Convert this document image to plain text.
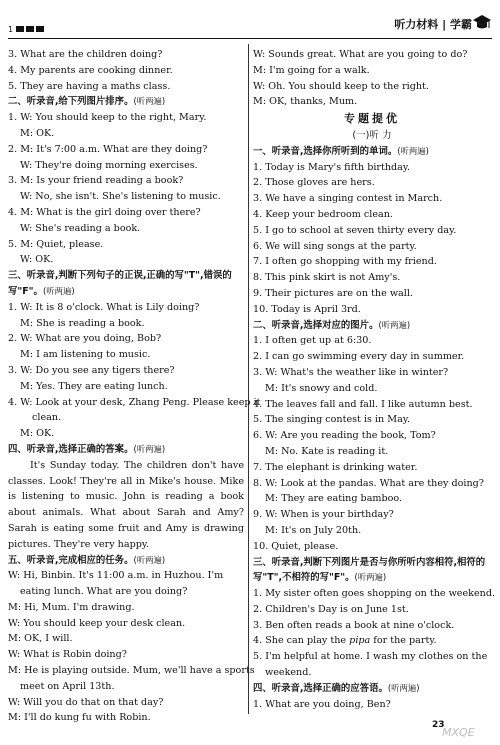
1	听力材料 | 学霸
3. What are the children doing?
4. My parents are cooking dinner.
5. They are having a maths class.
二、听录音,给下列图片排序。(听两遍)
1. W: You should keep to the right, Mary.
M: OK.
2. M: It's 7:00 a.m. What are they doing?
W: They're doing morning exercises.
3. M: Is your friend reading a book?
W: No, she isn't. She's listening to music.
4. M: What is the girl doing over there?
W: She's reading a book.
5. M: Quiet, please.
W: OK.
三、听录音,判断下列句子的正误,正确的写"T",错误的写"F"。(听两遍)
1. W: It is 8 o'clock. What is Lily doing?
M: She is reading a book.
2. W: What are you doing, Bob?
M: I am listening to music.
3. W: Do you see any tigers there?
M: Yes. They are eating lunch.
4. W: Look at your desk, Zhang Peng. Please keep it
clean.
M: OK.
四、听录音,选择正确的答案。(听两遍)
It's Sunday today. The children don't have classes. Look! They're all in Mike's house. Mike is listening to music. John is reading a book about animals. What about Sarah and Amy? Sarah is eating some fruit and Amy is drawing pictures. They're very happy.
五、听录音,完成相应的任务。(听两遍)
W: Hi, Binbin. It's 11:00 a.m. in Huzhou. I'm
eating lunch. What are you doing?
M: Hi, Mum. I'm drawing.
W: You should keep your desk clean.
M: OK, I will.
W: What is Robin doing?
M: He is playing outside. Mum, we'll have a sports
meet on April 13th.
W: Will you do that on that day?
M: I'll do kung fu with Robin.
W: Sounds great. What are you going to do?
M: I'm going for a walk.
W: Oh. You should keep to the right.
M: OK, thanks, Mum.
专题提优
(一)听 力
一、听录音,选择你所听到的单词。(听两遍)
1. Today is Mary's fifth birthday.
2. Those gloves are hers.
3. We have a singing contest in March.
4. Keep your bedroom clean.
5. I go to school at seven thirty every day.
6. We will sing songs at the party.
7. I often go shopping with my friend.
8. This pink skirt is not Amy's.
9. Their pictures are on the wall.
10. Today is April 3rd.
二、听录音,选择对应的图片。(听两遍)
1. I often get up at 6:30.
2. I can go swimming every day in summer.
3. W: What's the weather like in winter?
M: It's snowy and cold.
4. The leaves fall and fall. I like autumn best.
5. The singing contest is in May.
6. W: Are you reading the book, Tom?
M: No. Kate is reading it.
7. The elephant is drinking water.
8. W: Look at the pandas. What are they doing?
M: They are eating bamboo.
9. W: When is your birthday?
M: It's on July 20th.
10. Quiet, please.
三、听录音,判断下列图片是否与你所听内容相符,相符的写"T",不相符的写"F"。(听两遍)
1. My sister often goes shopping on the weekend.
2. Children's Day is on June 1st.
3. Ben often reads a book at nine o'clock.
4. She can play the pipa for the party.
5. I'm helpful at home. I wash my clothes on the
weekend.
四、听录音,选择正确的应答语。(听两遍)
1. What are you doing, Ben?
23
MXQE
